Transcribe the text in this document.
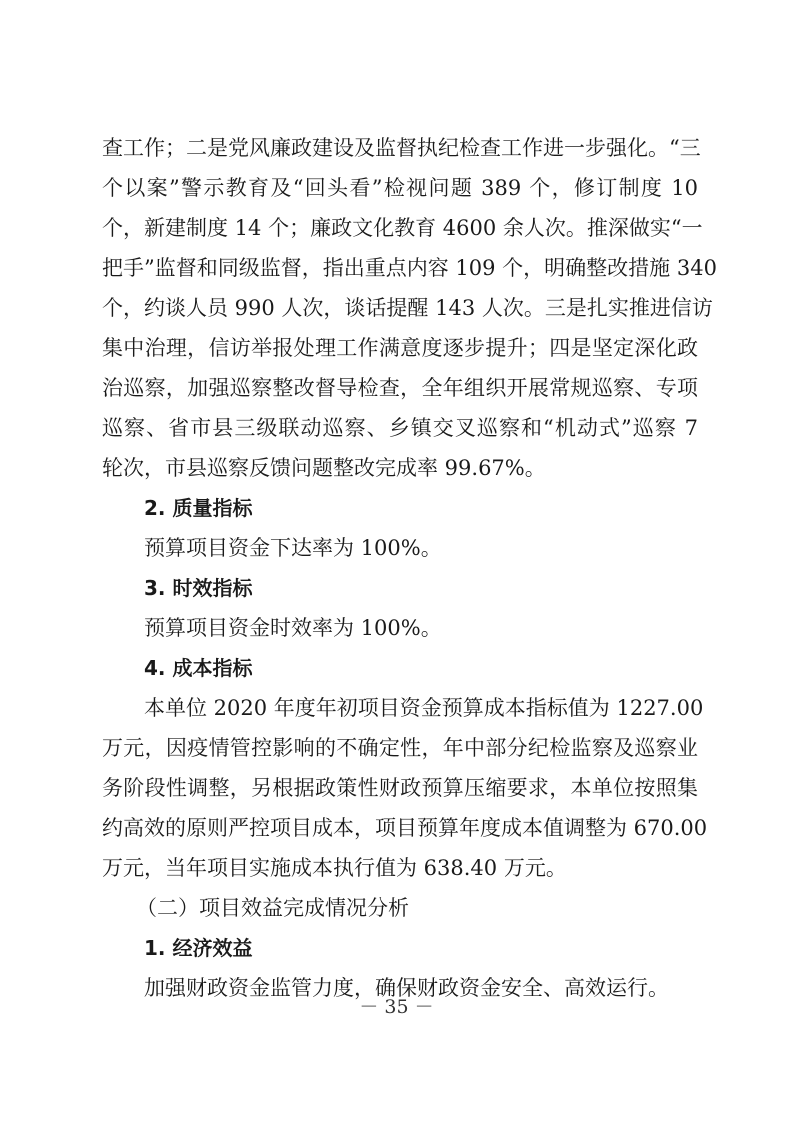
查工作；二是党风廉政建设及监督执纪检查工作进一步强化。“三
个以案”警示教育及“回头看”检视问题 389 个，修订制度 10
个，新建制度 14 个；廉政文化教育 4600 余人次。推深做实“一
把手”监督和同级监督，指出重点内容 109 个，明确整改措施 340
个，约谈人员 990 人次，谈话提醒 143 人次。三是扎实推进信访
集中治理，信访举报处理工作满意度逐步提升；四是坚定深化政
治巡察，加强巡察整改督导检查，全年组织开展常规巡察、专项
巡察、省市县三级联动巡察、乡镇交叉巡察和“机动式”巡察 7
轮次，市县巡察反馈问题整改完成率 99.67%。
2. 质量指标
预算项目资金下达率为 100%。
3. 时效指标
预算项目资金时效率为 100%。
4. 成本指标
本单位 2020 年度年初项目资金预算成本指标值为 1227.00
万元，因疫情管控影响的不确定性，年中部分纪检监察及巡察业
务阶段性调整，另根据政策性财政预算压缩要求，本单位按照集
约高效的原则严控项目成本，项目预算年度成本值调整为 670.00
万元，当年项目实施成本执行值为 638.40 万元。
（二）项目效益完成情况分析
1. 经济效益
加强财政资金监管力度，确保财政资金安全、高效运行。
－ 35 －
